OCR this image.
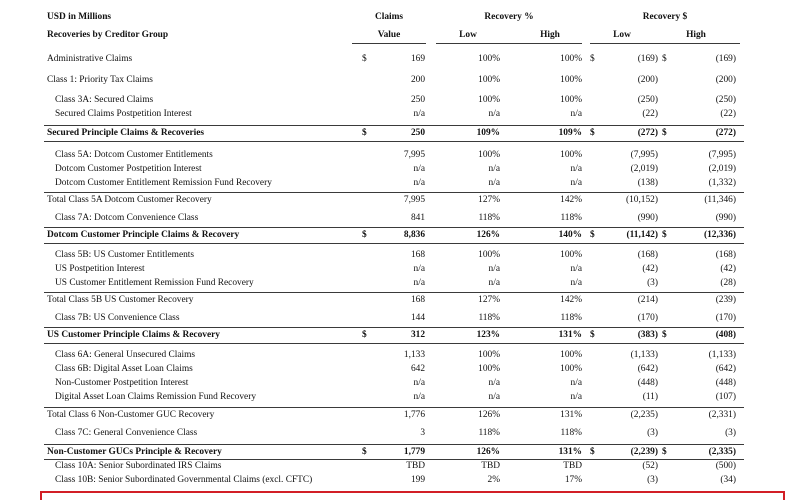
USD in Millions
Recoveries by Creditor Group
Claims
Value
Recovery %
Low	High
Recovery $
Low	High
Administrative Claims	$	169	100%	100% $	(169) $	(169)
Class 1: Priority Tax Claims	200	100%	100%	(200)	(200)
Class 3A: Secured Claims	250	100%	100%	(250)	(250)
Secured Claims Postpetition Interest	n/a	n/a	n/a	(22)	(22)
Secured Principle Claims & Recoveries	$	250	109%	109% $	(272) $	(272)
Class 5A: Dotcom Customer Entitlements	7,995	100%	100%	(7,995)	(7,995)
Dotcom Customer Postpetition Interest	n/a	n/a	n/a	(2,019)	(2,019)
Dotcom Customer Entitlement Remission Fund Recovery	n/a	n/a	n/a	(138)	(1,332)
Total Class 5A Dotcom Customer Recovery	7,995	127%	142%	(10,152)	(11,346)
Class 7A: Dotcom Convenience Class	841	118%	118%	(990)	(990)
Dotcom Customer Principle Claims & Recovery	$	8,836	126%	140% $	(11,142) $	(12,336)
Class 5B: US Customer Entitlements	168	100%	100%	(168)	(168)
US Postpetition Interest	n/a	n/a	n/a	(42)	(42)
US Customer Entitlement Remission Fund Recovery	n/a	n/a	n/a	(3)	(28)
Total Class 5B US Customer Recovery	168	127%	142%	(214)	(239)
Class 7B: US Convenience Class	144	118%	118%	(170)	(170)
US Customer Principle Claims & Recovery	$	312	123%	131% $	(383) $	(408)
Class 6A: General Unsecured Claims	1,133	100%	100%	(1,133)	(1,133)
Class 6B: Digital Asset Loan Claims	642	100%	100%	(642)	(642)
Non-Customer Postpetition Interest	n/a	n/a	n/a	(448)	(448)
Digital Asset Loan Claims Remission Fund Recovery	n/a	n/a	n/a	(11)	(107)
Total Class 6 Non-Customer GUC Recovery	1,776	126%	131%	(2,235)	(2,331)
Class 7C: General Convenience Class	3	118%	118%	(3)	(3)
Non-Customer GUCs Principle & Recovery	$	1,779	126%	131% $	(2,239) $	(2,335)
Class 10A: Senior Subordinated IRS Claims	TBD	TBD	TBD	(52)	(500)
Class 10B: Senior Subordinated Governmental Claims (excl. CFTC)	199	2%	17%	(3)	(34)
